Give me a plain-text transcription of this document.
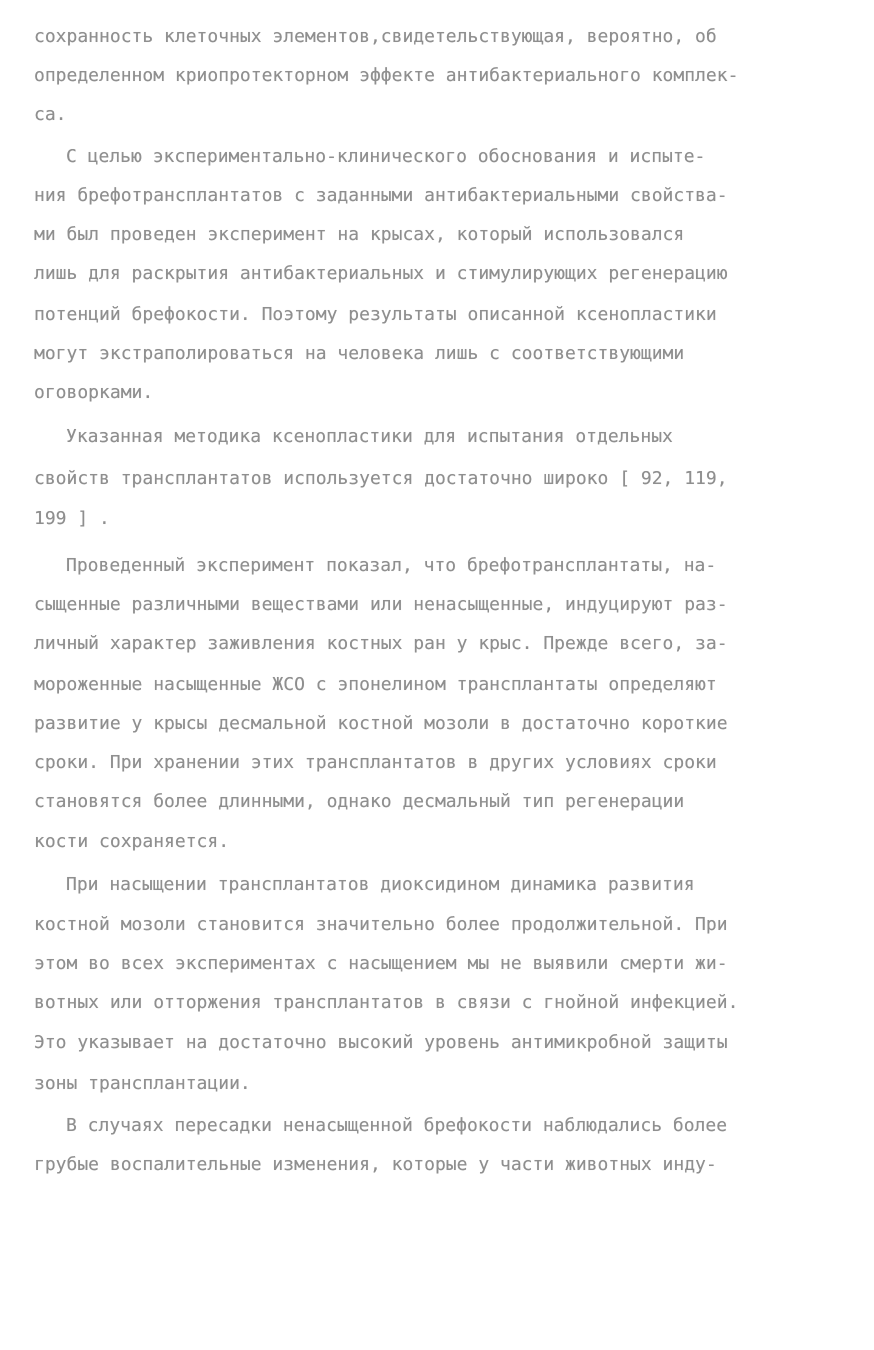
сохранность клеточных элементов,свидетельствующая, вероятно, об
определенном криопротекторном эффекте антибактериального комплек-
са.
С целью экспериментально-клинического обоснования и испыте-
ния брефотрансплантатов с заданными антибактериальными свойства-
ми был проведен эксперимент на крысах, который использовался
лишь для раскрытия антибактериальных и стимулирующих регенерацию
потенций брефокости. Поэтому результаты описанной ксенопластики
могут экстраполироваться на человека лишь с соответствующими
оговорками.
Указанная методика ксенопластики для испытания отдельных
свойств трансплантатов используется достаточно широко [ 92, 119,
199 ] .
Проведенный эксперимент показал, что брефотрансплантаты, на-
сыщенные различными веществами или ненасыщенные, индуцируют раз-
личный характер заживления костных ран у крыс. Прежде всего, за-
мороженные насыщенные ЖСО с эпонелином трансплантаты определяют
развитие у крысы десмальной костной мозоли в достаточно короткие
сроки. При хранении этих трансплантатов в других условиях сроки
становятся более длинными, однако десмальный тип регенерации
кости сохраняется.
При насыщении трансплантатов диоксидином динамика развития
костной мозоли становится значительно более продолжительной. При
этом во всех экспериментах с насыщением мы не выявили смерти жи-
вотных или отторжения трансплантатов в связи с гнойной инфекцией.
Это указывает на достаточно высокий уровень антимикробной защиты
зоны трансплантации.
В случаях пересадки ненасыщенной брефокости наблюдались более
грубые воспалительные изменения, которые у части животных инду-
